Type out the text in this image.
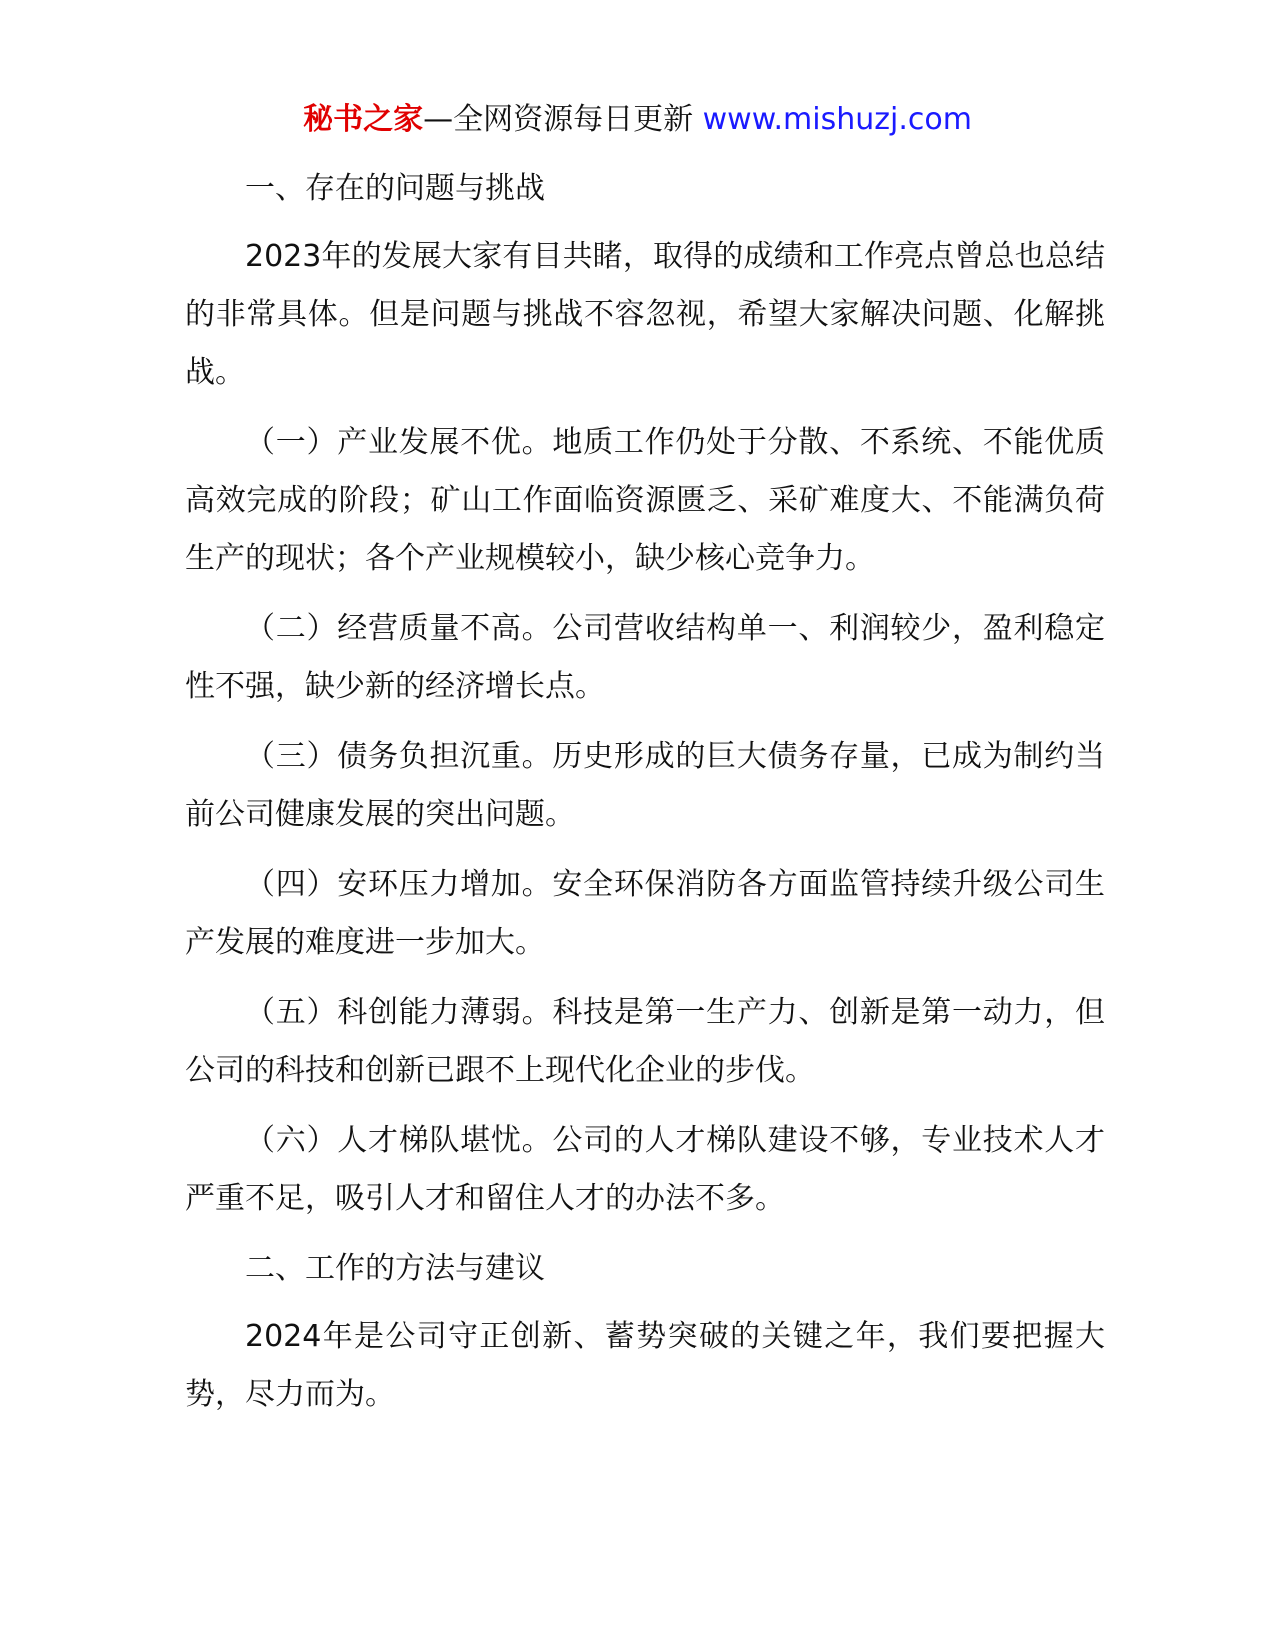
秘书之家—全网资源每日更新 www.mishuzj.com

一、存在的问题与挑战

2023年的发展大家有目共睹，取得的成绩和工作亮点曾总也总结的非常具体。但是问题与挑战不容忽视，希望大家解决问题、化解挑战。

（一）产业发展不优。地质工作仍处于分散、不系统、不能优质高效完成的阶段；矿山工作面临资源匮乏、采矿难度大、不能满负荷生产的现状；各个产业规模较小，缺少核心竞争力。

（二）经营质量不高。公司营收结构单一、利润较少，盈利稳定性不强，缺少新的经济增长点。

（三）债务负担沉重。历史形成的巨大债务存量，已成为制约当前公司健康发展的突出问题。

（四）安环压力增加。安全环保消防各方面监管持续升级公司生产发展的难度进一步加大。

（五）科创能力薄弱。科技是第一生产力、创新是第一动力，但公司的科技和创新已跟不上现代化企业的步伐。

（六）人才梯队堪忧。公司的人才梯队建设不够，专业技术人才严重不足，吸引人才和留住人才的办法不多。

二、工作的方法与建议

2024年是公司守正创新、蓄势突破的关键之年，我们要把握大势，尽力而为。
